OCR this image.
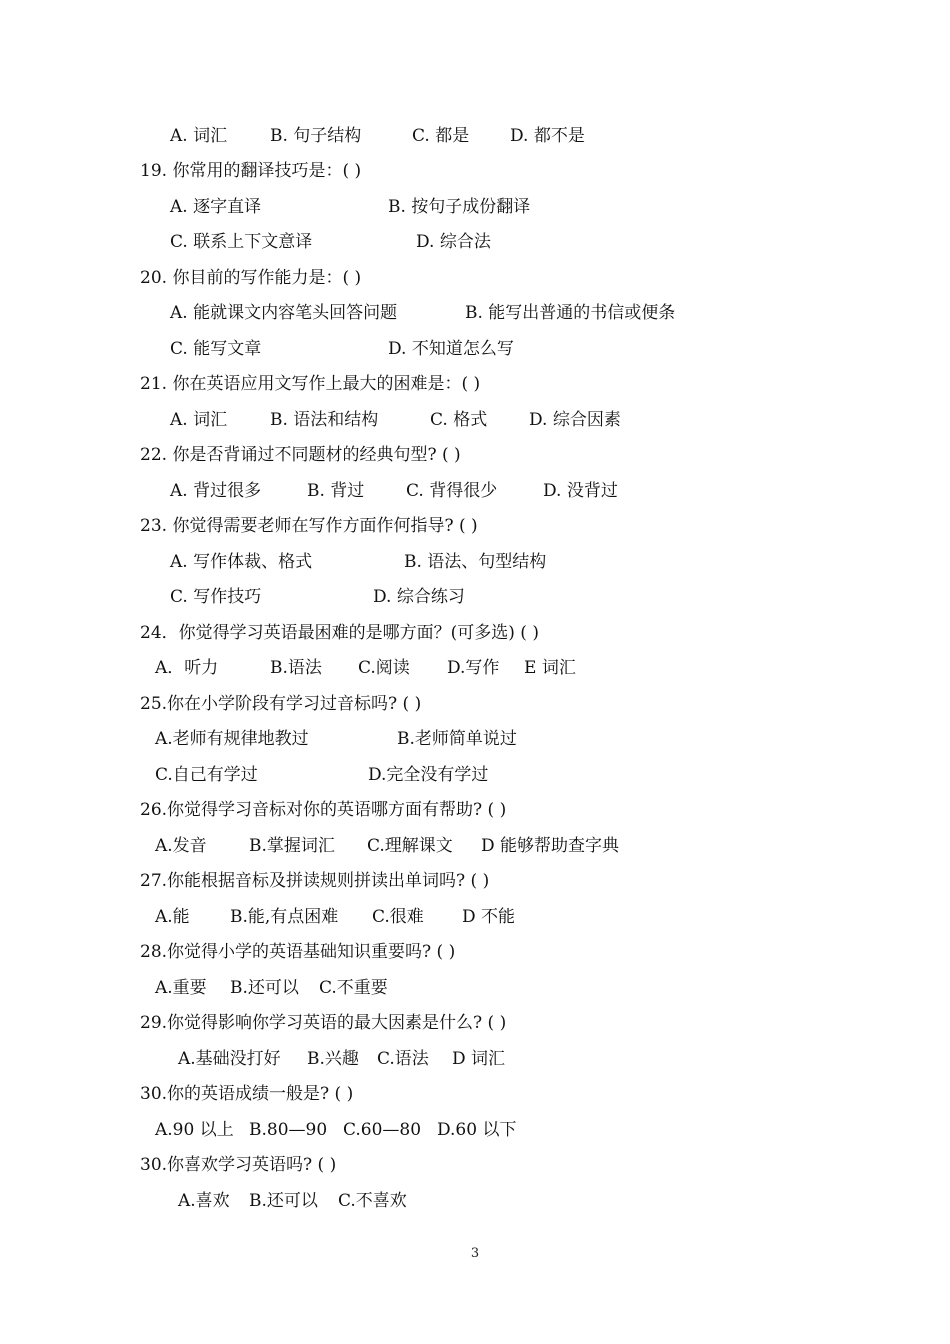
A. 词汇	B. 句子结构	C. 都是 D. 都不是
19. 你常用的翻译技巧是：( )
A. 逐字直译	B. 按句子成份翻译
C. 联系上下文意译	D. 综合法
20. 你目前的写作能力是：( )
A. 能就课文内容笔头回答问题	B. 能写出普通的书信或便条
C. 能写文章	D. 不知道怎么写
21. 你在英语应用文写作上最大的困难是：( )
A. 词汇	B. 语法和结构	C. 格式 D. 综合因素
22. 你是否背诵过不同题材的经典句型? ( )
A. 背过很多	B. 背过 C. 背得很少	D. 没背过
23. 你觉得需要老师在写作方面作何指导? ( )
A. 写作体裁、格式	B. 语法、句型结构
C. 写作技巧	D. 综合练习
24．你觉得学习英语最困难的是哪方面？(可多选) ( )
A．听力	B.语法 C.阅读 D.写作 E 词汇
25.你在小学阶段有学习过音标吗? ( )
A.老师有规律地教过	B.老师简单说过
C.自己有学过	D.完全没有学过
26.你觉得学习音标对你的英语哪方面有帮助? ( )
A.发音 B.掌握词汇 C.理解课文 D 能够帮助查字典
27.你能根据音标及拼读规则拼读出单词吗? ( )
A.能 B.能,有点困难 C.很难 D 不能
28.你觉得小学的英语基础知识重要吗? ( )
A.重要 B.还可以 C.不重要
29.你觉得影响你学习英语的最大因素是什么? ( )
A.基础没打好 B.兴趣 C.语法 D 词汇
30.你的英语成绩一般是? ( )
A.90 以上 B.80—90 C.60—80 D.60 以下
30.你喜欢学习英语吗? ( )
A.喜欢 B.还可以 C.不喜欢
3
